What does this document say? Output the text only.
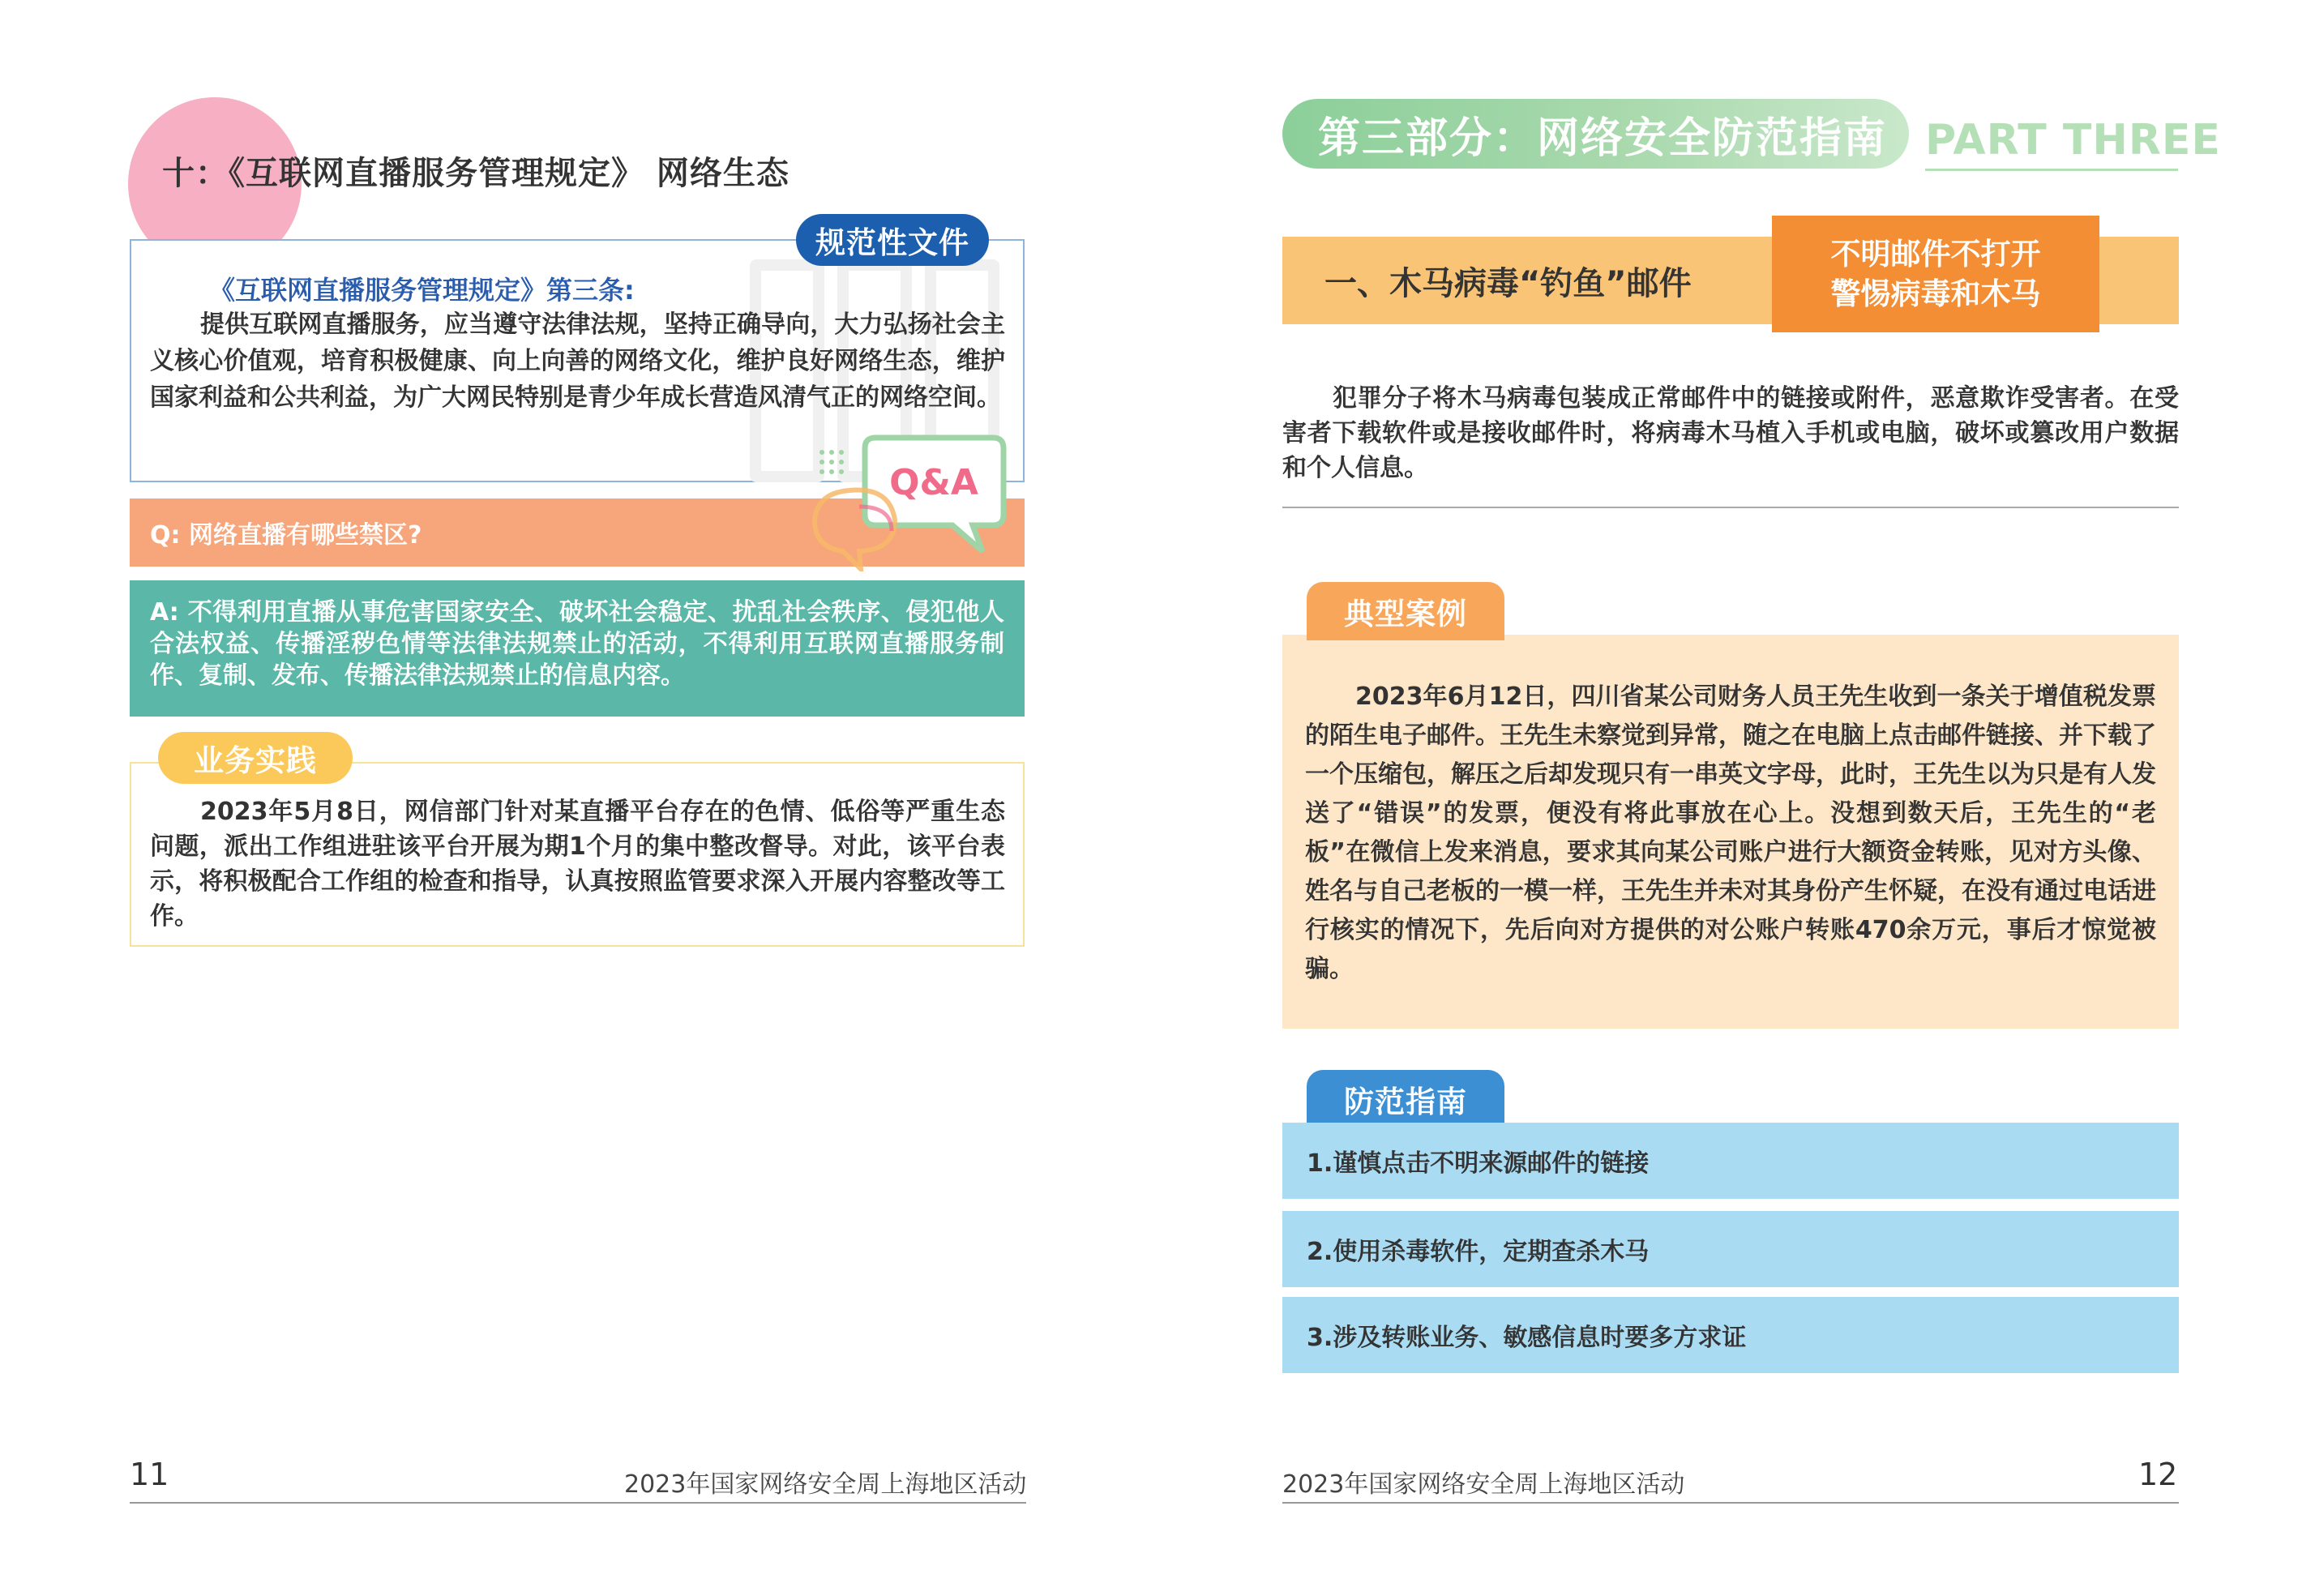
十：《互联网直播服务管理规定》 网络生态
规范性文件
《互联网直播服务管理规定》第三条:
提供互联网直播服务，应当遵守法律法规，坚持正确导向，大力弘扬社会主义核心价值观，培育积极健康、向上向善的网络文化，维护良好网络生态，维护国家利益和公共利益，为广大网民特别是青少年成长营造风清气正的网络空间。
Q: 网络直播有哪些禁区?
Q&A
A: 不得利用直播从事危害国家安全、破坏社会稳定、扰乱社会秩序、侵犯他人合法权益、传播淫秽色情等法律法规禁止的活动，不得利用互联网直播服务制作、复制、发布、传播法律法规禁止的信息内容。
业务实践
2023年5月8日，网信部门针对某直播平台存在的色情、低俗等严重生态问题，派出工作组进驻该平台开展为期1个月的集中整改督导。对此，该平台表示，将积极配合工作组的检查和指导，认真按照监管要求深入开展内容整改等工作。
11	2023年国家网络安全周上海地区活动
第三部分：网络安全防范指南 PART THREE
一、木马病毒“钓鱼”邮件
不明邮件不打开
警惕病毒和木马
犯罪分子将木马病毒包装成正常邮件中的链接或附件，恶意欺诈受害者。在受害者下载软件或是接收邮件时，将病毒木马植入手机或电脑，破坏或篡改用户数据和个人信息。
典型案例
2023年6月12日，四川省某公司财务人员王先生收到一条关于增值税发票的陌生电子邮件。王先生未察觉到异常，随之在电脑上点击邮件链接、并下载了一个压缩包，解压之后却发现只有一串英文字母，此时，王先生以为只是有人发送了“错误”的发票，便没有将此事放在心上。没想到数天后，王先生的“老板”在微信上发来消息，要求其向某公司账户进行大额资金转账，见对方头像、姓名与自己老板的一模一样，王先生并未对其身份产生怀疑，在没有通过电话进行核实的情况下，先后向对方提供的对公账户转账470余万元，事后才惊觉被骗。
防范指南
1.谨慎点击不明来源邮件的链接
2.使用杀毒软件，定期查杀木马
3.涉及转账业务、敏感信息时要多方求证
2023年国家网络安全周上海地区活动	12
